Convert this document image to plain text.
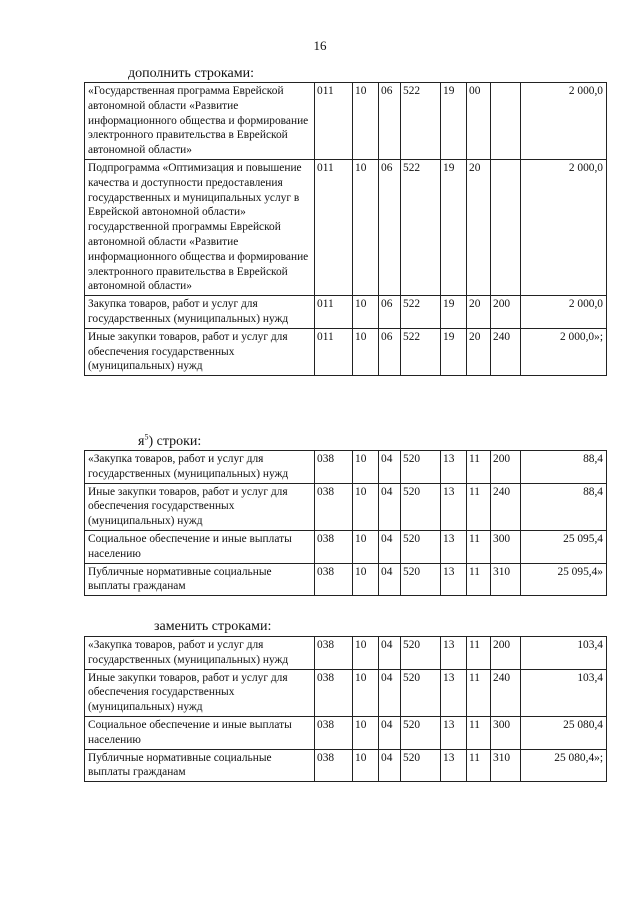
16
дополнить строками:
«Государственная программа Еврейской автономной области «Развитие информационного общества и формирование электронного правительства в Еврейской автономной области»	011	10	06	522	19	00		2 000,0
Подпрограмма «Оптимизация и повышение качества и доступности предоставления государственных и муниципальных услуг в Еврейской автономной области» государственной программы Еврейской автономной области «Развитие информационного общества и формирование электронного правительства в Еврейской автономной области»	011	10	06	522	19	20		2 000,0
Закупка товаров, работ и услуг для государственных (муниципальных) нужд	011	10	06	522	19	20	200	2 000,0
Иные закупки товаров, работ и услуг для обеспечения государственных (муниципальных) нужд	011	10	06	522	19	20	240	2 000,0»;
$я^5$) строки:
«Закупка товаров, работ и услуг для государственных (муниципальных) нужд	038	10	04	520	13	11	200	88,4
Иные закупки товаров, работ и услуг для обеспечения государственных (муниципальных) нужд	038	10	04	520	13	11	240	88,4
Социальное обеспечение и иные выплаты населению	038	10	04	520	13	11	300	25 095,4
Публичные нормативные социальные выплаты гражданам	038	10	04	520	13	11	310	25 095,4»
заменить строками:
«Закупка товаров, работ и услуг для государственных (муниципальных) нужд	038	10	04	520	13	11	200	103,4
Иные закупки товаров, работ и услуг для обеспечения государственных (муниципальных) нужд	038	10	04	520	13	11	240	103,4
Социальное обеспечение и иные выплаты населению	038	10	04	520	13	11	300	25 080,4
Публичные нормативные социальные выплаты гражданам	038	10	04	520	13	11	310	25 080,4»;
